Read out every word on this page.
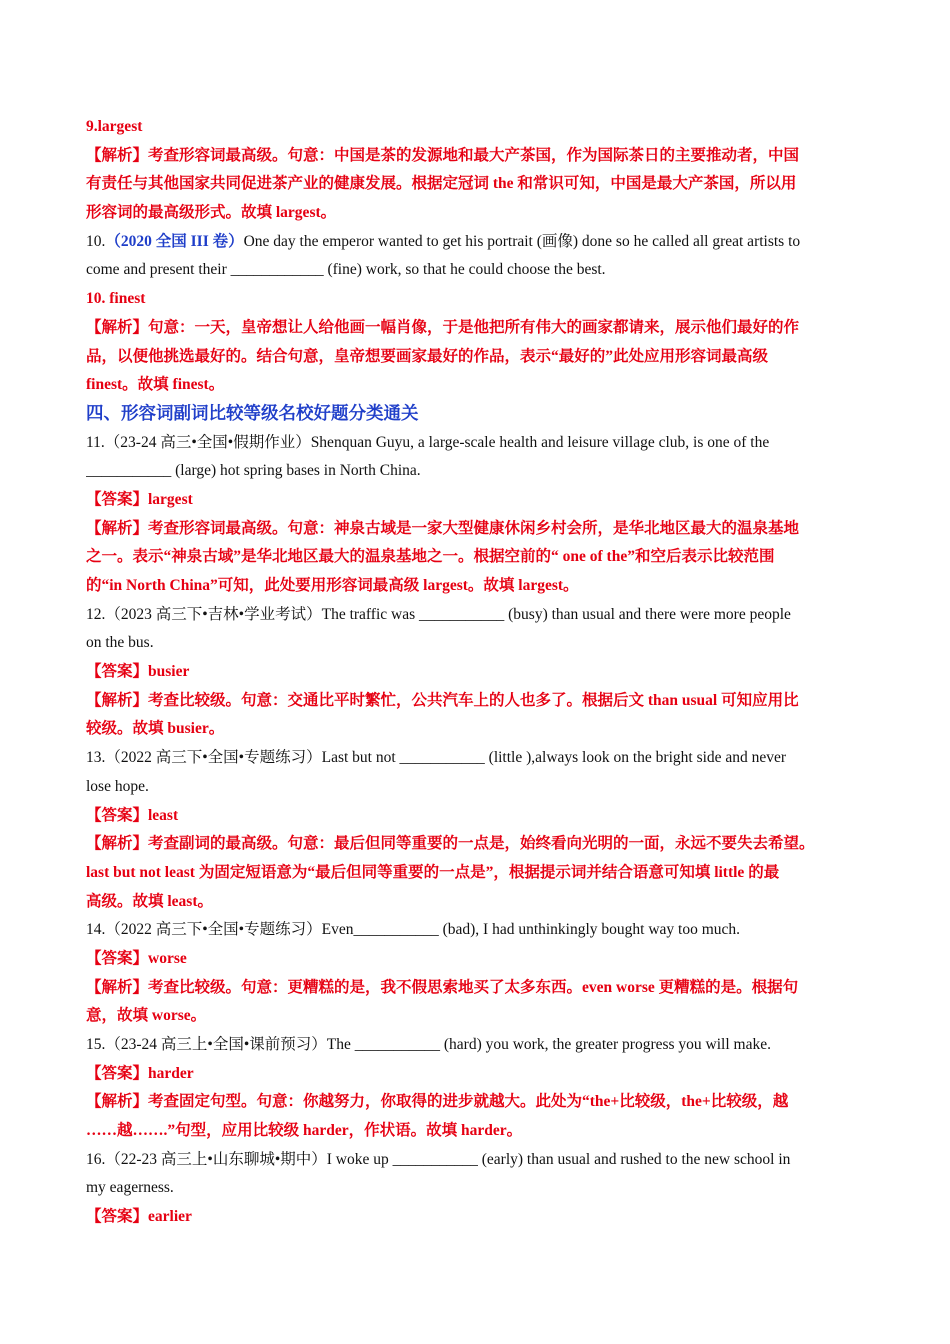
9.largest
【解析】考查形容词最高级。句意：中国是茶的发源地和最大产茶国，作为国际茶日的主要推动者，中国
有责任与其他国家共同促进茶产业的健康发展。根据定冠词 the 和常识可知，中国是最大产茶国，所以用
形容词的最高级形式。故填 largest。
10.（2020 全国 III 卷）One day the emperor wanted to get his portrait (画像) done so he called all great artists to
come and present their ____________ (fine) work, so that he could choose the best.
10. finest
【解析】句意：一天，皇帝想让人给他画一幅肖像，于是他把所有伟大的画家都请来，展示他们最好的作
品，以便他挑选最好的。结合句意，皇帝想要画家最好的作品，表示“最好的”此处应用形容词最高级
finest。故填 finest。
四、形容词副词比较等级名校好题分类通关
11.（23-24 高三•全国•假期作业）Shenquan Guyu, a large-scale health and leisure village club, is one of the
___________ (large) hot spring bases in North China.
【答案】largest
【解析】考查形容词最高级。句意：神泉古域是一家大型健康休闲乡村会所，是华北地区最大的温泉基地
之一。表示“神泉古域”是华北地区最大的温泉基地之一。根据空前的“ one of the”和空后表示比较范围
的“in North China”可知，此处要用形容词最高级 largest。故填 largest。
12.（2023 高三下•吉林•学业考试）The traffic was ___________ (busy) than usual and there were more people
on the bus.
【答案】busier
【解析】考查比较级。句意：交通比平时繁忙，公共汽车上的人也多了。根据后文 than usual 可知应用比
较级。故填 busier。
13.（2022 高三下•全国•专题练习）Last but not ___________ (little ),always look on the bright side and never
lose hope.
【答案】least
【解析】考查副词的最高级。句意：最后但同等重要的一点是，始终看向光明的一面，永远不要失去希望。
last but not least 为固定短语意为“最后但同等重要的一点是”，根据提示词并结合语意可知填 little 的最
高级。故填 least。
14.（2022 高三下•全国•专题练习）Even___________ (bad), I had unthinkingly bought way too much.
【答案】worse
【解析】考查比较级。句意：更糟糕的是，我不假思索地买了太多东西。even worse 更糟糕的是。根据句
意，故填 worse。
15.（23-24 高三上•全国•课前预习）The ___________ (hard) you work, the greater progress you will make.
【答案】harder
【解析】考查固定句型。句意：你越努力，你取得的进步就越大。此处为“the+比较级，the+比较级，越
……越…….”句型，应用比较级 harder，作状语。故填 harder。
16.（22-23 高三上•山东聊城•期中）I woke up ___________ (early) than usual and rushed to the new school in
my eagerness.
【答案】earlier
